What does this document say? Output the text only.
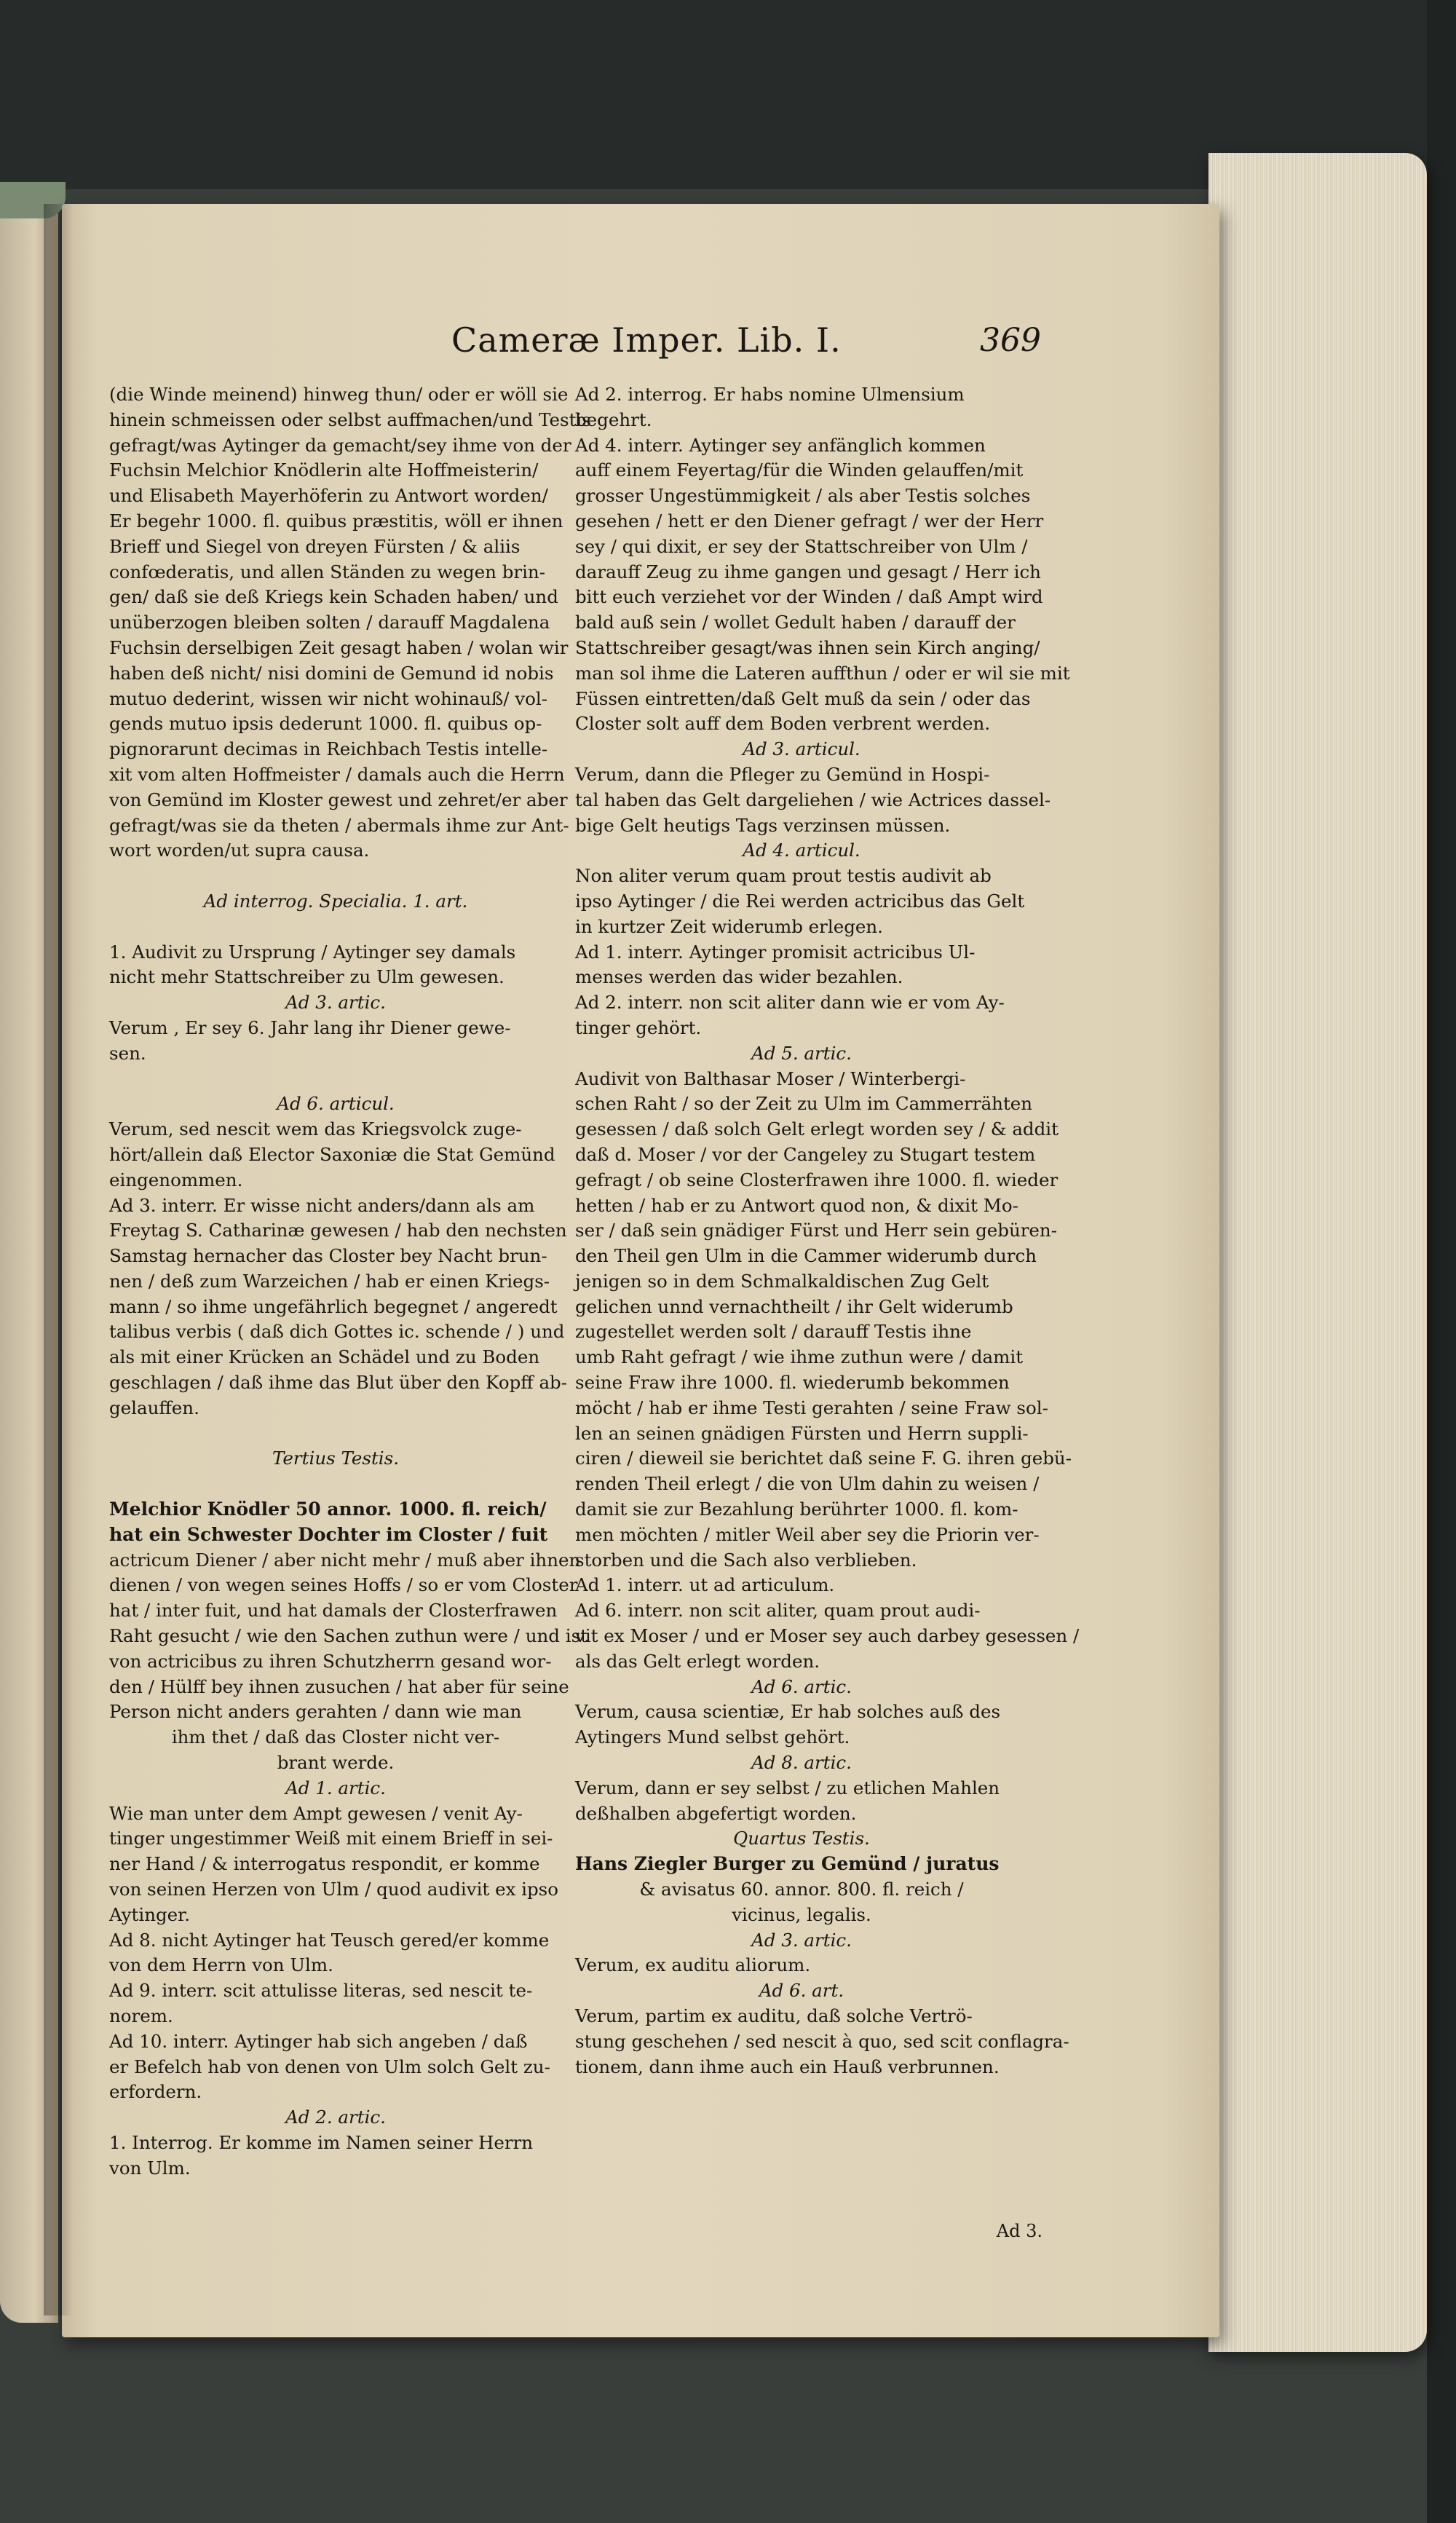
Cameræ Imper. Lib. I.	369
(die Winde meinend) hinweg thun/ oder er wöll sie
hinein schmeissen oder selbst auffmachen/und Testis
gefragt/was Aytinger da gemacht/sey ihme von der
Fuchsin Melchior Knödlerin alte Hoffmeisterin/
und Elisabeth Mayerhöferin zu Antwort worden/
Er begehr 1000. fl. quibus præstitis, wöll er ihnen
Brieff und Siegel von dreyen Fürsten / & aliis
confœderatis, und allen Ständen zu wegen brin-
gen/ daß sie deß Kriegs kein Schaden haben/ und
unüberzogen bleiben solten / darauff Magdalena
Fuchsin derselbigen Zeit gesagt haben / wolan wir
haben deß nicht/ nisi domini de Gemund id nobis
mutuo dederint, wissen wir nicht wohinauß/ vol-
gends mutuo ipsis dederunt 1000. fl. quibus op-
pignorarunt decimas in Reichbach Testis intelle-
xit vom alten Hoffmeister / damals auch die Herrn
von Gemünd im Kloster gewest und zehret/er aber
gefragt/was sie da theten / abermals ihme zur Ant-
wort worden/ut supra causa.
Ad interrog. Specialia. 1. art.
1. Audivit zu Ursprung / Aytinger sey damals
nicht mehr Stattschreiber zu Ulm gewesen.
Ad 3. artic.
Verum , Er sey 6. Jahr lang ihr Diener gewe-
sen.
Ad 6. articul.
Verum, sed nescit wem das Kriegsvolck zuge-
hört/allein daß Elector Saxoniæ die Stat Gemünd
eingenommen.
Ad 3. interr. Er wisse nicht anders/dann als am
Freytag S. Catharinæ gewesen / hab den nechsten
Samstag hernacher das Closter bey Nacht brun-
nen / deß zum Warzeichen / hab er einen Kriegs-
mann / so ihme ungefährlich begegnet / angeredt
talibus verbis ( daß dich Gottes ic. schende / ) und
als mit einer Krücken an Schädel und zu Boden
geschlagen / daß ihme das Blut über den Kopff ab-
gelauffen.
Tertius Testis.
Melchior Knödler 50 annor. 1000. fl. reich/
hat ein Schwester Dochter im Closter / fuit
actricum Diener / aber nicht mehr / muß aber ihnen
dienen / von wegen seines Hoffs / so er vom Closter
hat / inter fuit, und hat damals der Closterfrawen
Raht gesucht / wie den Sachen zuthun were / und ist
von actricibus zu ihren Schutzherrn gesand wor-
den / Hülff bey ihnen zusuchen / hat aber für seine
Person nicht anders gerahten / dann wie man
ihm thet / daß das Closter nicht ver-
brant werde.
Ad 1. artic.
Wie man unter dem Ampt gewesen / venit Ay-
tinger ungestimmer Weiß mit einem Brieff in sei-
ner Hand / & interrogatus respondit, er komme
von seinen Herzen von Ulm / quod audivit ex ipso
Aytinger.
Ad 8. nicht Aytinger hat Teusch gered/er komme
von dem Herrn von Ulm.
Ad 9. interr. scit attulisse literas, sed nescit te-
norem.
Ad 10. interr. Aytinger hab sich angeben / daß
er Befelch hab von denen von Ulm solch Gelt zu-
erfordern.
Ad 2. artic.
1. Interrog. Er komme im Namen seiner Herrn
von Ulm.
Ad 2. interrog. Er habs nomine Ulmensium
begehrt.
Ad 4. interr. Aytinger sey anfänglich kommen
auff einem Feyertag/für die Winden gelauffen/mit
grosser Ungestümmigkeit / als aber Testis solches
gesehen / hett er den Diener gefragt / wer der Herr
sey / qui dixit, er sey der Stattschreiber von Ulm /
darauff Zeug zu ihme gangen und gesagt / Herr ich
bitt euch verziehet vor der Winden / daß Ampt wird
bald auß sein / wollet Gedult haben / darauff der
Stattschreiber gesagt/was ihnen sein Kirch anging/
man sol ihme die Lateren auffthun / oder er wil sie mit
Füssen eintretten/daß Gelt muß da sein / oder das
Closter solt auff dem Boden verbrent werden.
Ad 3. articul.
Verum, dann die Pfleger zu Gemünd in Hospi-
tal haben das Gelt dargeliehen / wie Actrices dassel-
bige Gelt heutigs Tags verzinsen müssen.
Ad 4. articul.
Non aliter verum quam prout testis audivit ab
ipso Aytinger / die Rei werden actricibus das Gelt
in kurtzer Zeit widerumb erlegen.
Ad 1. interr. Aytinger promisit actricibus Ul-
menses werden das wider bezahlen.
Ad 2. interr. non scit aliter dann wie er vom Ay-
tinger gehört.
Ad 5. artic.
Audivit von Balthasar Moser / Winterbergi-
schen Raht / so der Zeit zu Ulm im Cammerrähten
gesessen / daß solch Gelt erlegt worden sey / & addit
daß d. Moser / vor der Cangeley zu Stugart testem
gefragt / ob seine Closterfrawen ihre 1000. fl. wieder
hetten / hab er zu Antwort quod non, & dixit Mo-
ser / daß sein gnädiger Fürst und Herr sein gebüren-
den Theil gen Ulm in die Cammer widerumb durch
jenigen so in dem Schmalkaldischen Zug Gelt
gelichen unnd vernachtheilt / ihr Gelt widerumb
zugestellet werden solt / darauff Testis ihne
umb Raht gefragt / wie ihme zuthun were / damit
seine Fraw ihre 1000. fl. wiederumb bekommen
möcht / hab er ihme Testi gerahten / seine Fraw sol-
len an seinen gnädigen Fürsten und Herrn suppli-
ciren / dieweil sie berichtet daß seine F. G. ihren gebü-
renden Theil erlegt / die von Ulm dahin zu weisen /
damit sie zur Bezahlung berührter 1000. fl. kom-
men möchten / mitler Weil aber sey die Priorin ver-
storben und die Sach also verblieben.
Ad 1. interr. ut ad articulum.
Ad 6. interr. non scit aliter, quam prout audi-
vit ex Moser / und er Moser sey auch darbey gesessen /
als das Gelt erlegt worden.
Ad 6. artic.
Verum, causa scientiæ, Er hab solches auß des
Aytingers Mund selbst gehört.
Ad 8. artic.
Verum, dann er sey selbst / zu etlichen Mahlen
deßhalben abgefertigt worden.
Quartus Testis.
Hans Ziegler Burger zu Gemünd / juratus
& avisatus 60. annor. 800. fl. reich /
vicinus, legalis.
Ad 3. artic.
Verum, ex auditu aliorum.
Ad 6. art.
Verum, partim ex auditu, daß solche Vertrö-
stung geschehen / sed nescit à quo, sed scit conflagra-
tionem, dann ihme auch ein Hauß verbrunnen.
Ad 3.
